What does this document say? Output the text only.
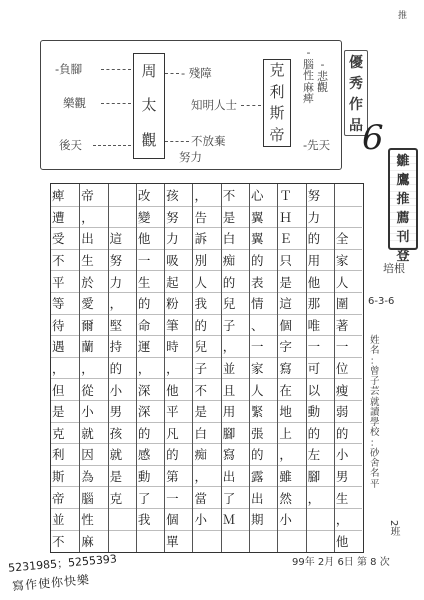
推
周
太
觀
克
利
斯
帝
-負腳
樂觀
後天
- 殘障
知明人士
不放棄
努力
-
腦
性
麻
痺
-
悲
觀
-先天
優
秀
作
品 6
雛
鷹
推
薦
刊
登
培根
6-3-6
姓
名
：
曾
子
芸
就
讀
學
校
：
砂
舍
名
平
2班

全
家
人
圍
著
一
位
瘦
弱
的
小
男
生
，
他
努
力
的
用
他
那
唯
一
可
以
動
的
左
腳
，
Ｔ
Ｈ
Ｅ
只
是
這
個
字
寫
在
地
上
，
雖
然
小
心
翼
翼
的
表
情
、
一
家
人
緊
張
的
露
出
期
不
是
白
痴
的
兒
子
，
並
且
用
腳
寫
出
了
Ｍ
，
告
訴
別
人
我
的
兒
子
不
是
白
痴
，
當
小
孩
努
力
吸
起
粉
筆
時
，
他
平
凡
的
第
一
個
單
改
變
他
一
生
的
命
運
，
深
深
的
感
動
了
我

這
努
力
，
堅
持
的
小
男
孩
就
是
克
帝
，
出
生
於
愛
爾
蘭
，
從
小
就
因
為
腦
性
麻
痺
遭
受
不
平
等
待
遇
，
但
是
克
利
斯
帝
並
不
99年 2月 6日 第 8 次
5231985；5255393
寫作使你快樂
